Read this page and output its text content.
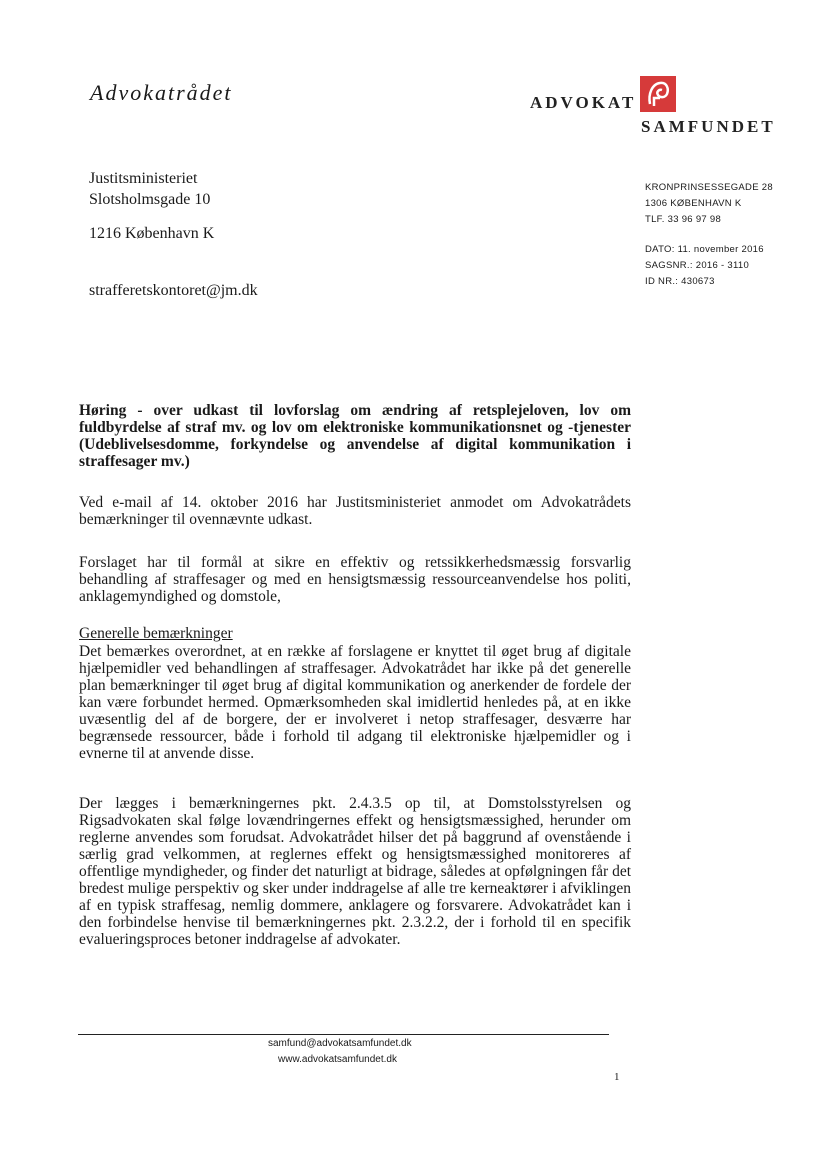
Advokatrådet	ADVOKAT
SAMFUNDET
Justitsministeriet
Slotsholmsgade 10
1216 København K
strafferetskontoret@jm.dk
KRONPRINSESSEGADE 28
1306 KØBENHAVN K
TLF. 33 96 97 98
DATO: 11. november 2016
SAGSNR.: 2016 - 3110
ID NR.: 430673
Høring - over udkast til lovforslag om ændring af retsplejeloven, lov om fuldbyrdelse af straf mv. og lov om elektroniske kommunikationsnet og -tjenester (Udeblivelsesdomme, forkyndelse og anvendelse af digital kommunikation i straffesager mv.)
Ved e-mail af 14. oktober 2016 har Justitsministeriet anmodet om Advokatrådets bemærkninger til ovennævnte udkast.
Forslaget har til formål at sikre en effektiv og retssikkerhedsmæssig forsvarlig behandling af straffesager og med en hensigtsmæssig ressourceanvendelse hos politi, anklagemyndighed og domstole,
Generelle bemærkninger
Det bemærkes overordnet, at en række af forslagene er knyttet til øget brug af digitale hjælpemidler ved behandlingen af straffesager. Advokatrådet har ikke på det generelle plan bemærkninger til øget brug af digital kommunikation og anerkender de fordele der kan være forbundet hermed. Opmærksomheden skal imidlertid henledes på, at en ikke uvæsentlig del af de borgere, der er involveret i netop straffesager, desværre har begrænsede ressourcer, både i forhold til adgang til elektroniske hjælpemidler og i evnerne til at anvende disse.
Der lægges i bemærkningernes pkt. 2.4.3.5 op til, at Domstolsstyrelsen og Rigsadvokaten skal følge lovændringernes effekt og hensigtsmæssighed, herunder om reglerne anvendes som forudsat. Advokatrådet hilser det på baggrund af ovenstående i særlig grad velkommen, at reglernes effekt og hensigtsmæssighed monitoreres af offentlige myndigheder, og finder det naturligt at bidrage, således at opfølgningen får det bredest mulige perspektiv og sker under inddragelse af alle tre kerneaktører i afviklingen af en typisk straffesag, nemlig dommere, anklagere og forsvarere. Advokatrådet kan i den forbindelse henvise til bemærkningernes pkt. 2.3.2.2, der i forhold til en specifik evalueringsproces betoner inddragelse af advokater.
samfund@advokatsamfundet.dk
www.advokatsamfundet.dk
1
